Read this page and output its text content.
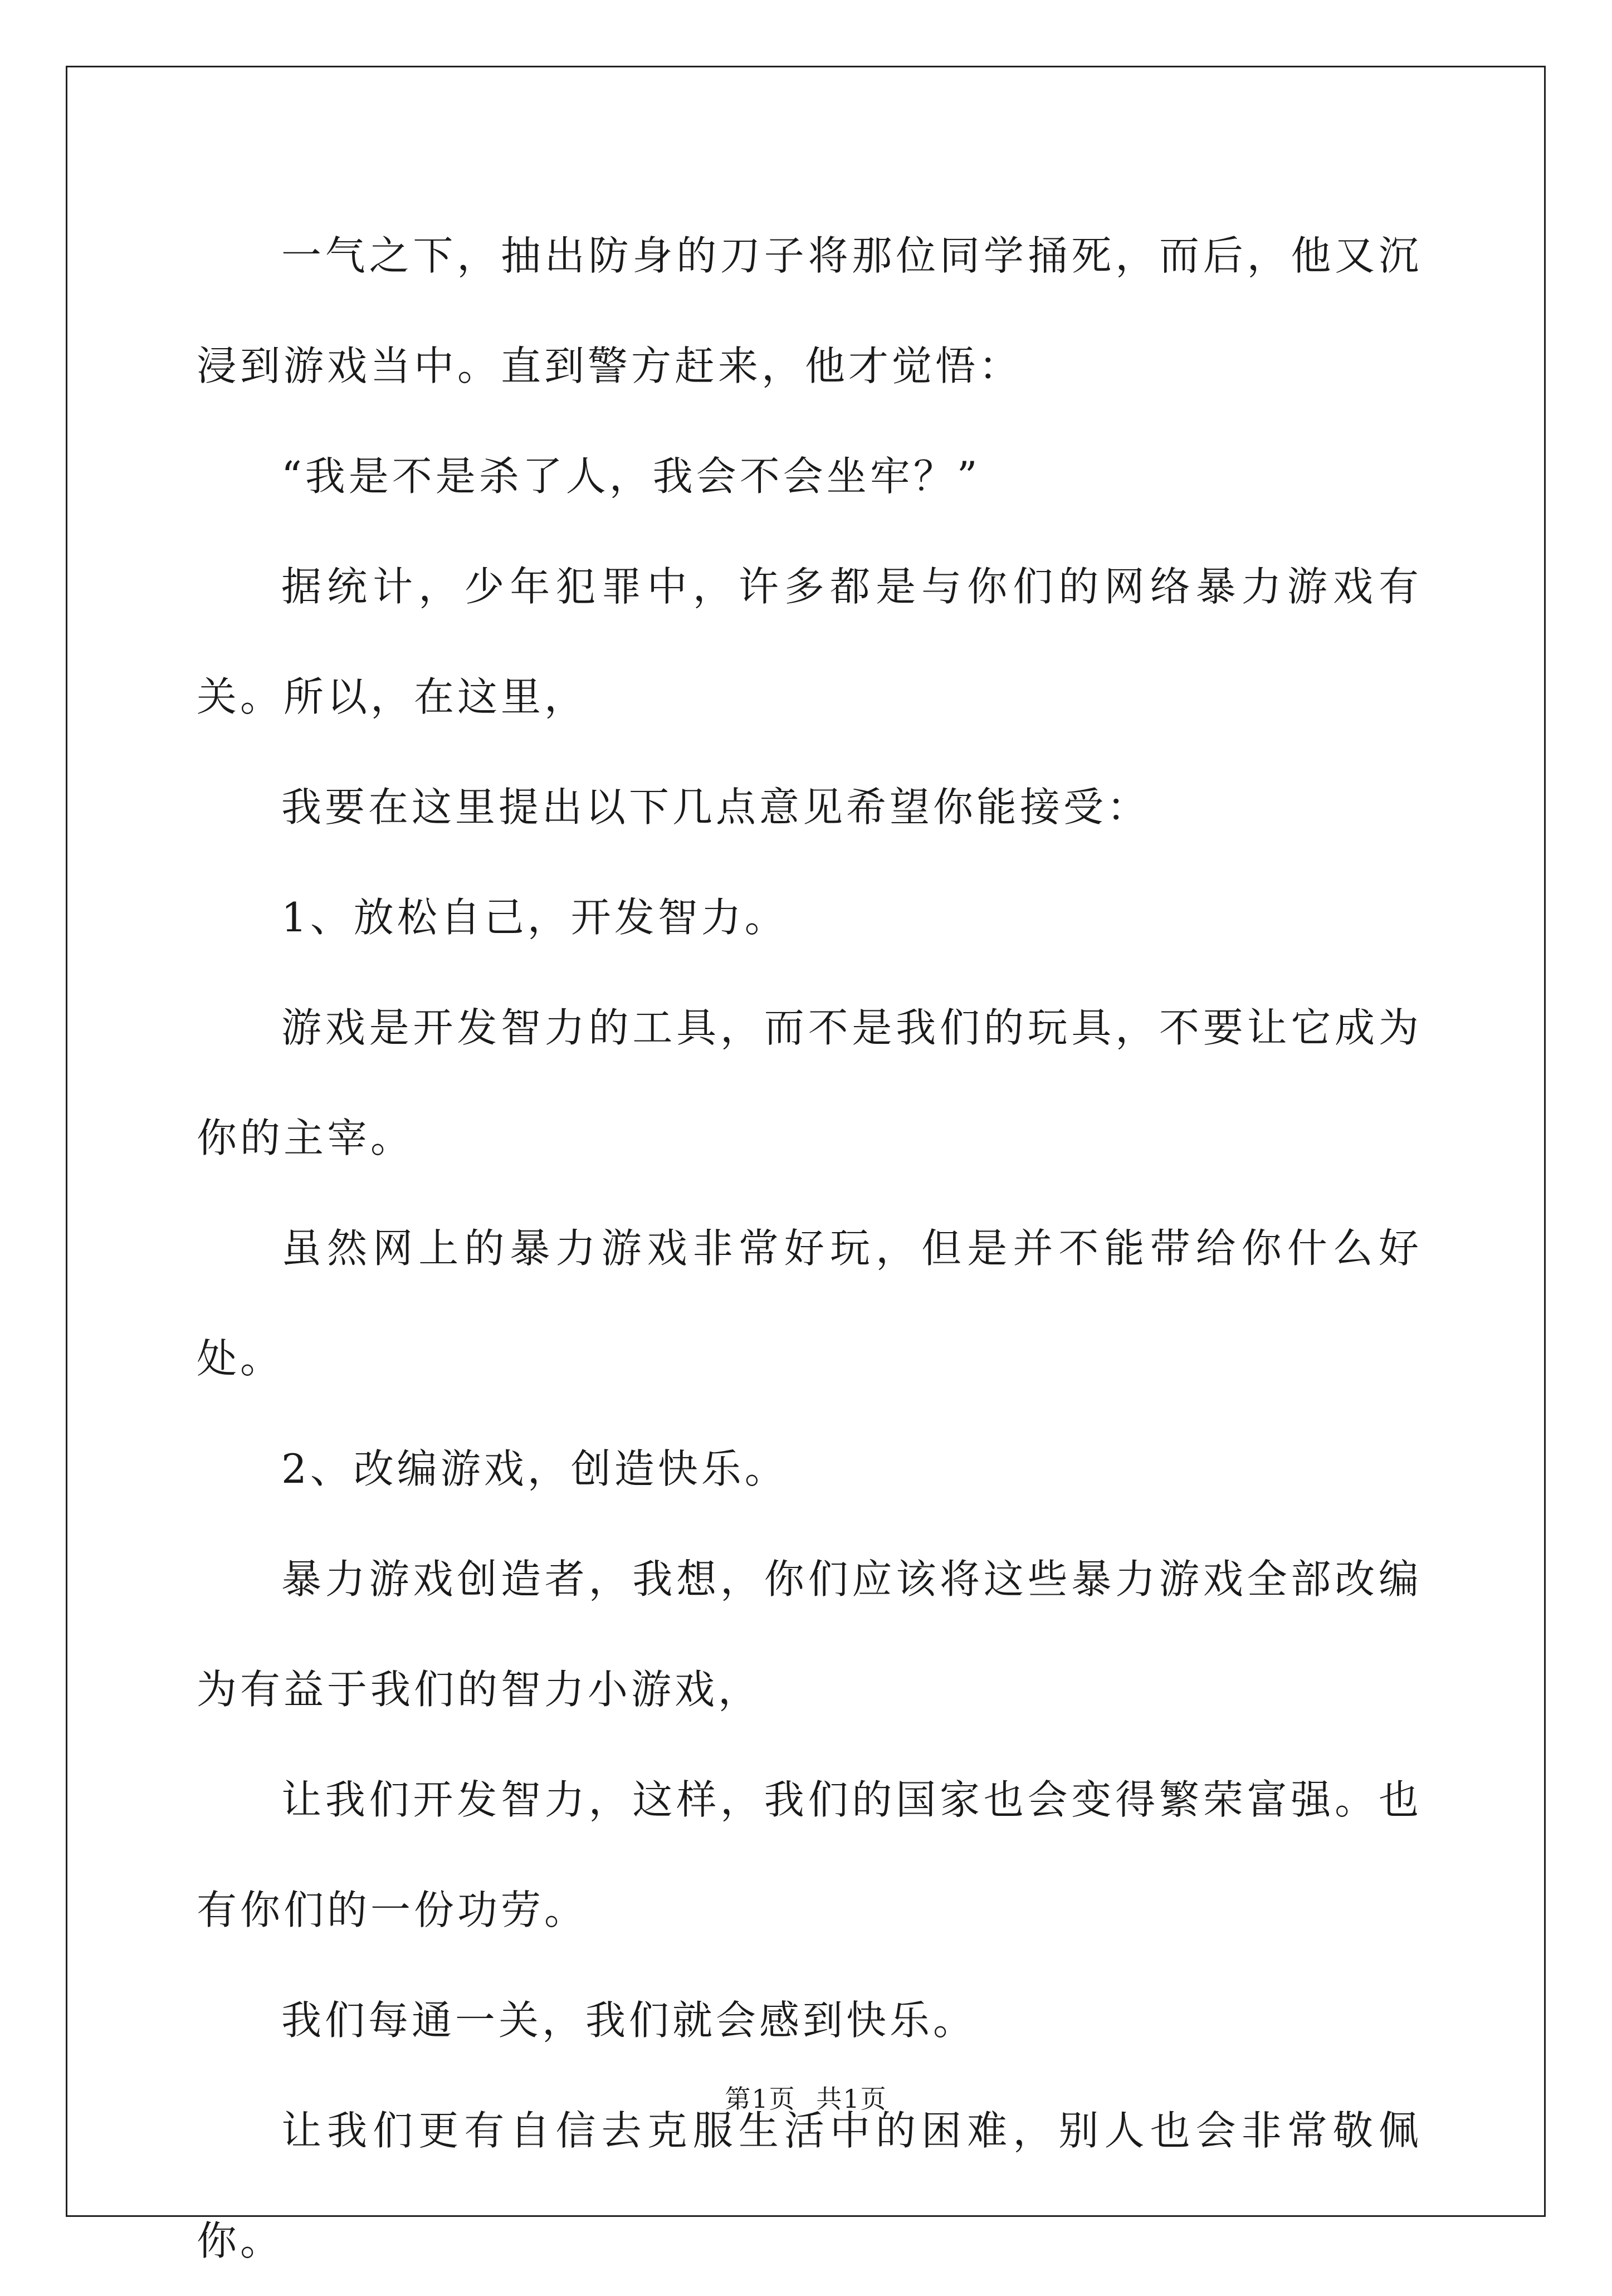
一气之下，抽出防身的刀子将那位同学捅死，而后，他又沉浸到游戏当中。直到警方赶来，他才觉悟：

“我是不是杀了人，我会不会坐牢？”

据统计，少年犯罪中，许多都是与你们的网络暴力游戏有关。所以，在这里，

我要在这里提出以下几点意见希望你能接受：

1、放松自己，开发智力。

游戏是开发智力的工具，而不是我们的玩具，不要让它成为你的主宰。

虽然网上的暴力游戏非常好玩，但是并不能带给你什么好处。

2、改编游戏，创造快乐。

暴力游戏创造者，我想，你们应该将这些暴力游戏全部改编为有益于我们的智力小游戏，

让我们开发智力，这样，我们的国家也会变得繁荣富强。也有你们的一份功劳。

我们每通一关，我们就会感到快乐。

让我们更有自信去克服生活中的困难，别人也会非常敬佩你。

第1页 共1页
